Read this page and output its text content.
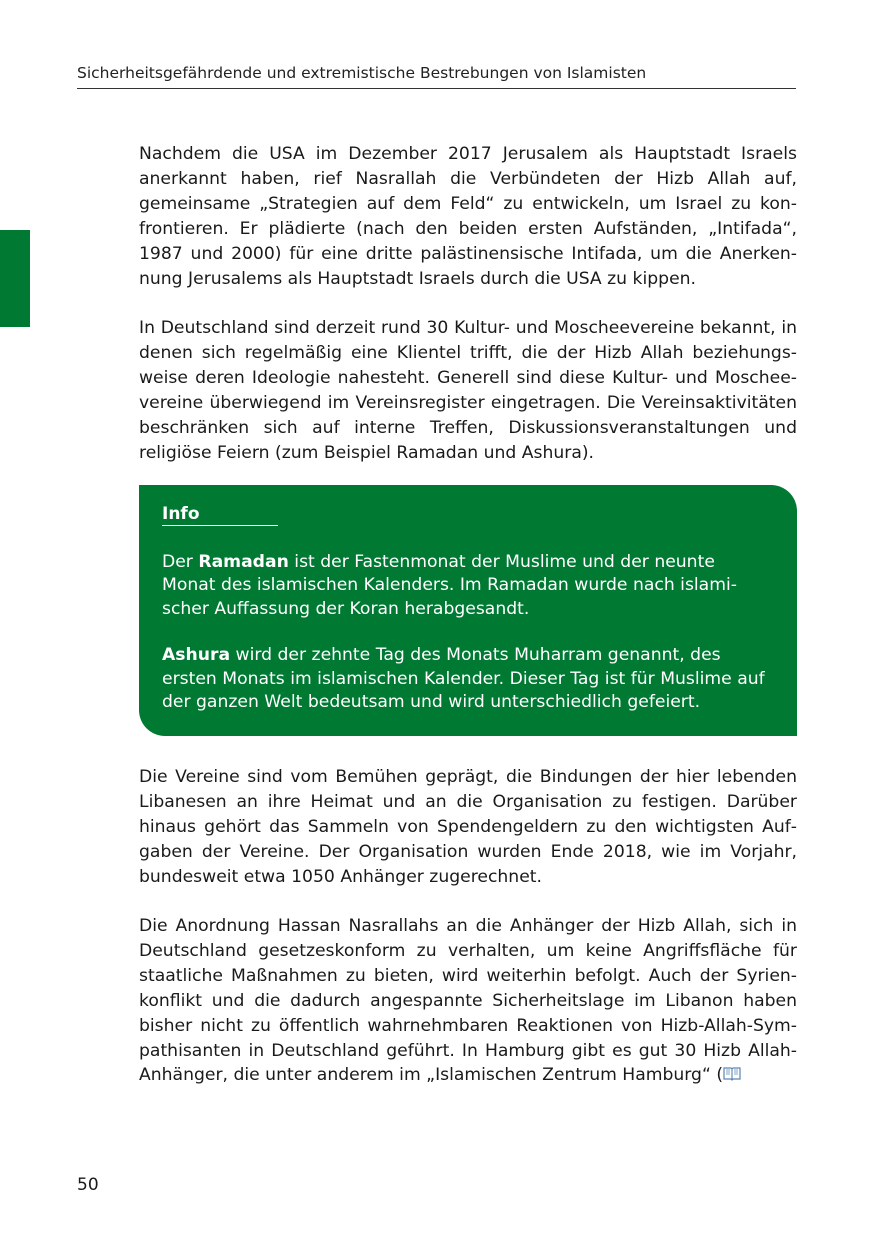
Sicherheitsgefährdende und extremistische Bestrebungen von Islamisten

Nachdem die USA im Dezember 2017 Jerusalem als Hauptstadt Israels anerkannt haben, rief Nasrallah die Verbündeten der Hizb Allah auf, gemeinsame „Strategien auf dem Feld“ zu entwickeln, um Israel zu konfrontieren. Er plädierte (nach den beiden ersten Aufständen, „Intifada“, 1987 und 2000) für eine dritte palästinensische Intifada, um die Anerkennung Jerusalems als Hauptstadt Israels durch die USA zu kippen.

In Deutschland sind derzeit rund 30 Kultur- und Moscheevereine bekannt, in denen sich regelmäßig eine Klientel trifft, die der Hizb Allah beziehungsweise deren Ideologie nahesteht. Generell sind diese Kultur- und Moscheevereine überwiegend im Vereinsregister eingetragen. Die Vereinsaktivitäten beschränken sich auf interne Treffen, Diskussionsveranstaltungen und religiöse Feiern (zum Beispiel Ramadan und Ashura).

Info
Der Ramadan ist der Fastenmonat der Muslime und der neunte Monat des islamischen Kalenders. Im Ramadan wurde nach islamischer Auffassung der Koran herabgesandt.
Ashura wird der zehnte Tag des Monats Muharram genannt, des ersten Monats im islamischen Kalender. Dieser Tag ist für Muslime auf der ganzen Welt bedeutsam und wird unterschiedlich gefeiert.

Die Vereine sind vom Bemühen geprägt, die Bindungen der hier lebenden Libanesen an ihre Heimat und an die Organisation zu festigen. Darüber hinaus gehört das Sammeln von Spendengeldern zu den wichtigsten Aufgaben der Vereine. Der Organisation wurden Ende 2018, wie im Vorjahr, bundesweit etwa 1050 Anhänger zugerechnet.

Die Anordnung Hassan Nasrallahs an die Anhänger der Hizb Allah, sich in Deutschland gesetzeskonform zu verhalten, um keine Angriffsfläche für staatliche Maßnahmen zu bieten, wird weiterhin befolgt. Auch der Syrienkonflikt und die dadurch angespannte Sicherheitslage im Libanon haben bisher nicht zu öffentlich wahrnehmbaren Reaktionen von Hizb-Allah-Sympathisanten in Deutschland geführt. In Hamburg gibt es gut 30 Hizb Allah-Anhänger, die unter anderem im „Islamischen Zentrum Hamburg“ (

50
